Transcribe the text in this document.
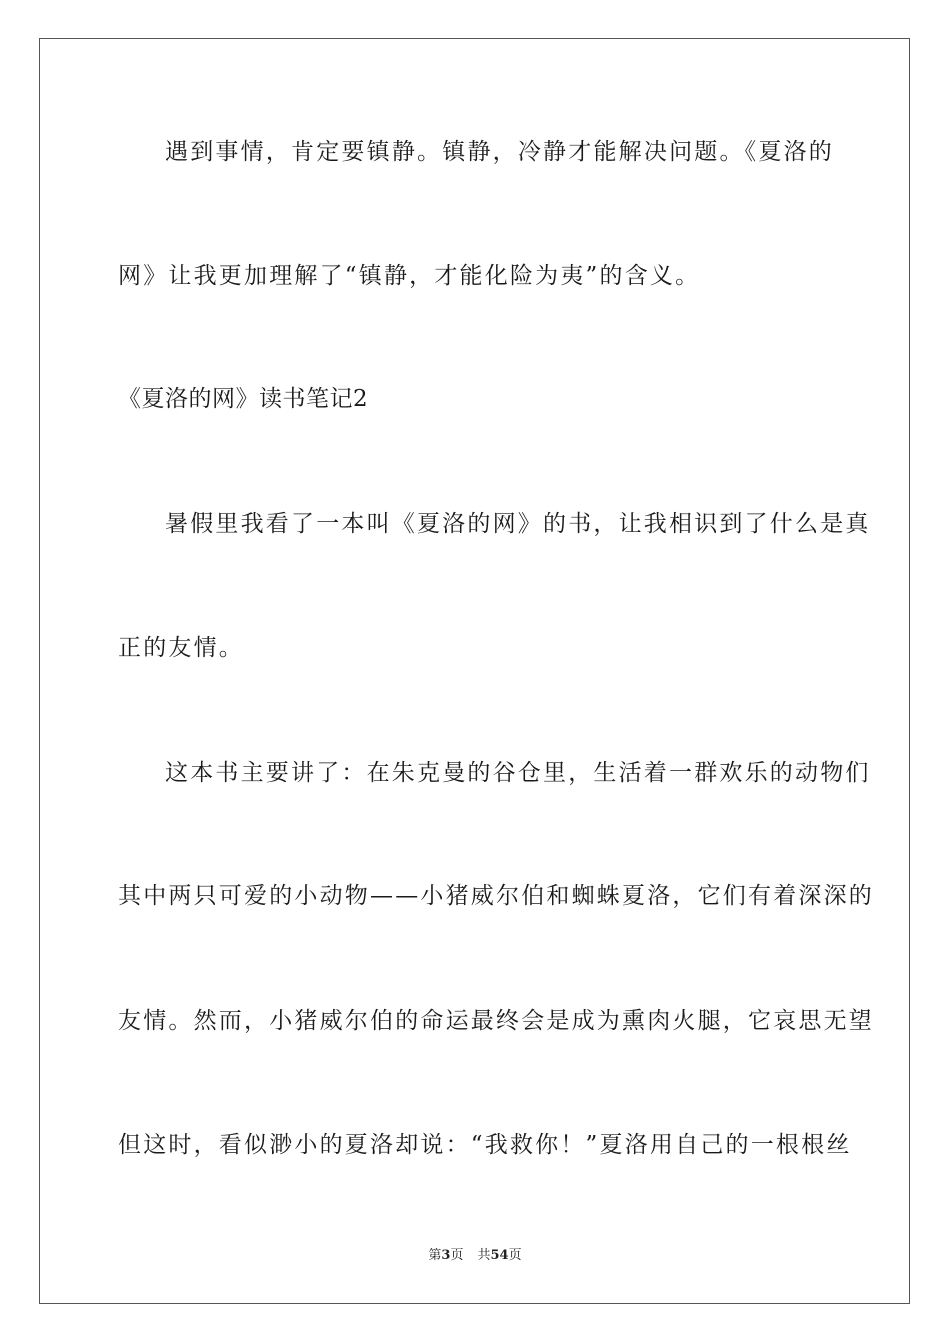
遇到事情，肯定要镇静。镇静，冷静才能解决问题。《夏洛的
网》让我更加理解了“镇静，才能化险为夷”的含义。
《夏洛的网》读书笔记2
暑假里我看了一本叫《夏洛的网》的书，让我相识到了什么是真
正的友情。
这本书主要讲了：在朱克曼的谷仓里，生活着一群欢乐的动物们
其中两只可爱的小动物——小猪威尔伯和蜘蛛夏洛，它们有着深深的
友情。然而，小猪威尔伯的命运最终会是成为熏肉火腿，它哀思无望
但这时，看似渺小的夏洛却说：“我救你！”夏洛用自己的一根根丝
第3页 共54页
